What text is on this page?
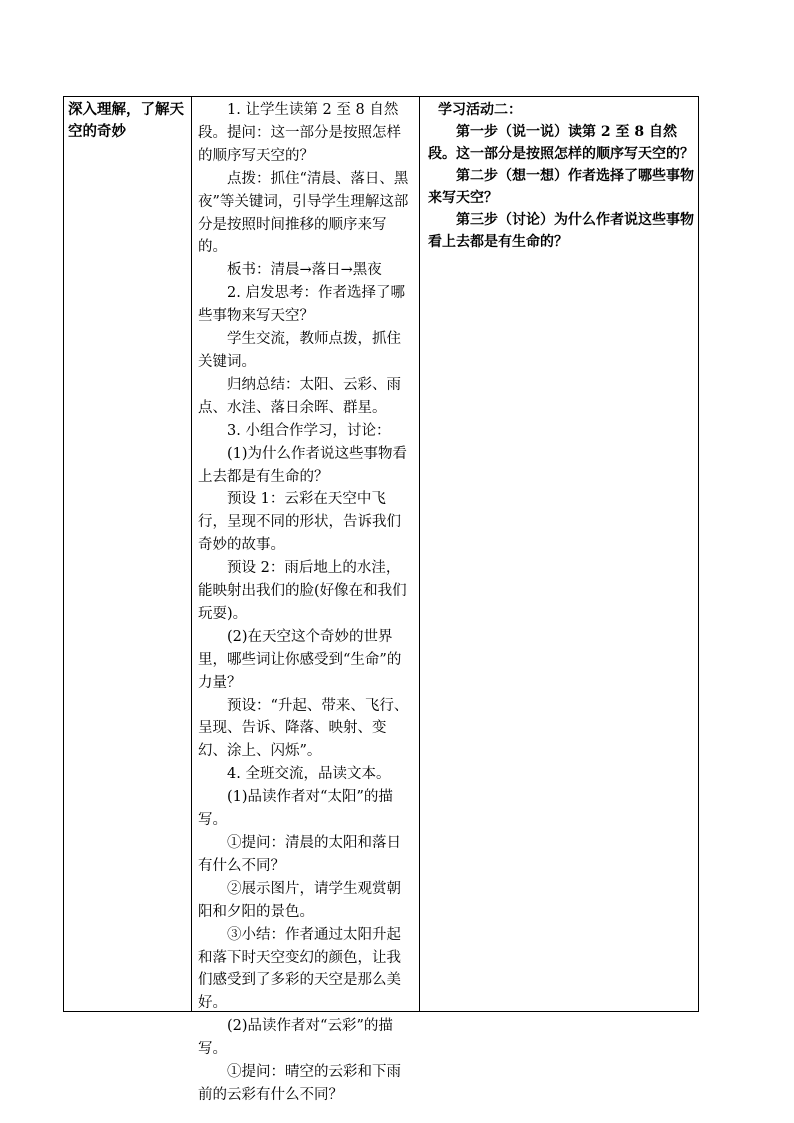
深入理解，了解天空的奇妙

1. 让学生读第 2 至 8 自然段。提问：这一部分是按照怎样的顺序写天空的？

点拨：抓住“清晨、落日、黑夜”等关键词，引导学生理解这部分是按照时间推移的顺序来写的。

板书：清晨→落日→黑夜

2. 启发思考：作者选择了哪些事物来写天空？

学生交流，教师点拨，抓住关键词。

归纳总结：太阳、云彩、雨点、水洼、落日余晖、群星。

3. 小组合作学习，讨论：

(1)为什么作者说这些事物看上去都是有生命的？

预设 1：云彩在天空中飞行，呈现不同的形状，告诉我们奇妙的故事。

预设 2：雨后地上的水洼，能映射出我们的脸(好像在和我们玩耍)。

(2)在天空这个奇妙的世界里，哪些词让你感受到“生命”的力量？

预设：“升起、带来、飞行、呈现、告诉、降落、映射、变幻、涂上、闪烁”。

4. 全班交流，品读文本。

(1)品读作者对“太阳”的描写。

①提问：清晨的太阳和落日有什么不同？

②展示图片，请学生观赏朝阳和夕阳的景色。

③小结：作者通过太阳升起和落下时天空变幻的颜色，让我们感受到了多彩的天空是那么美好。

(2)品读作者对“云彩”的描写。

①提问：晴空的云彩和下雨前的云彩有什么不同？

学习活动二：

第一步（说一说）读第 2 至 8 自然段。这一部分是按照怎样的顺序写天空的？

第二步（想一想）作者选择了哪些事物来写天空？

第三步（讨论）为什么作者说这些事物看上去都是有生命的？
